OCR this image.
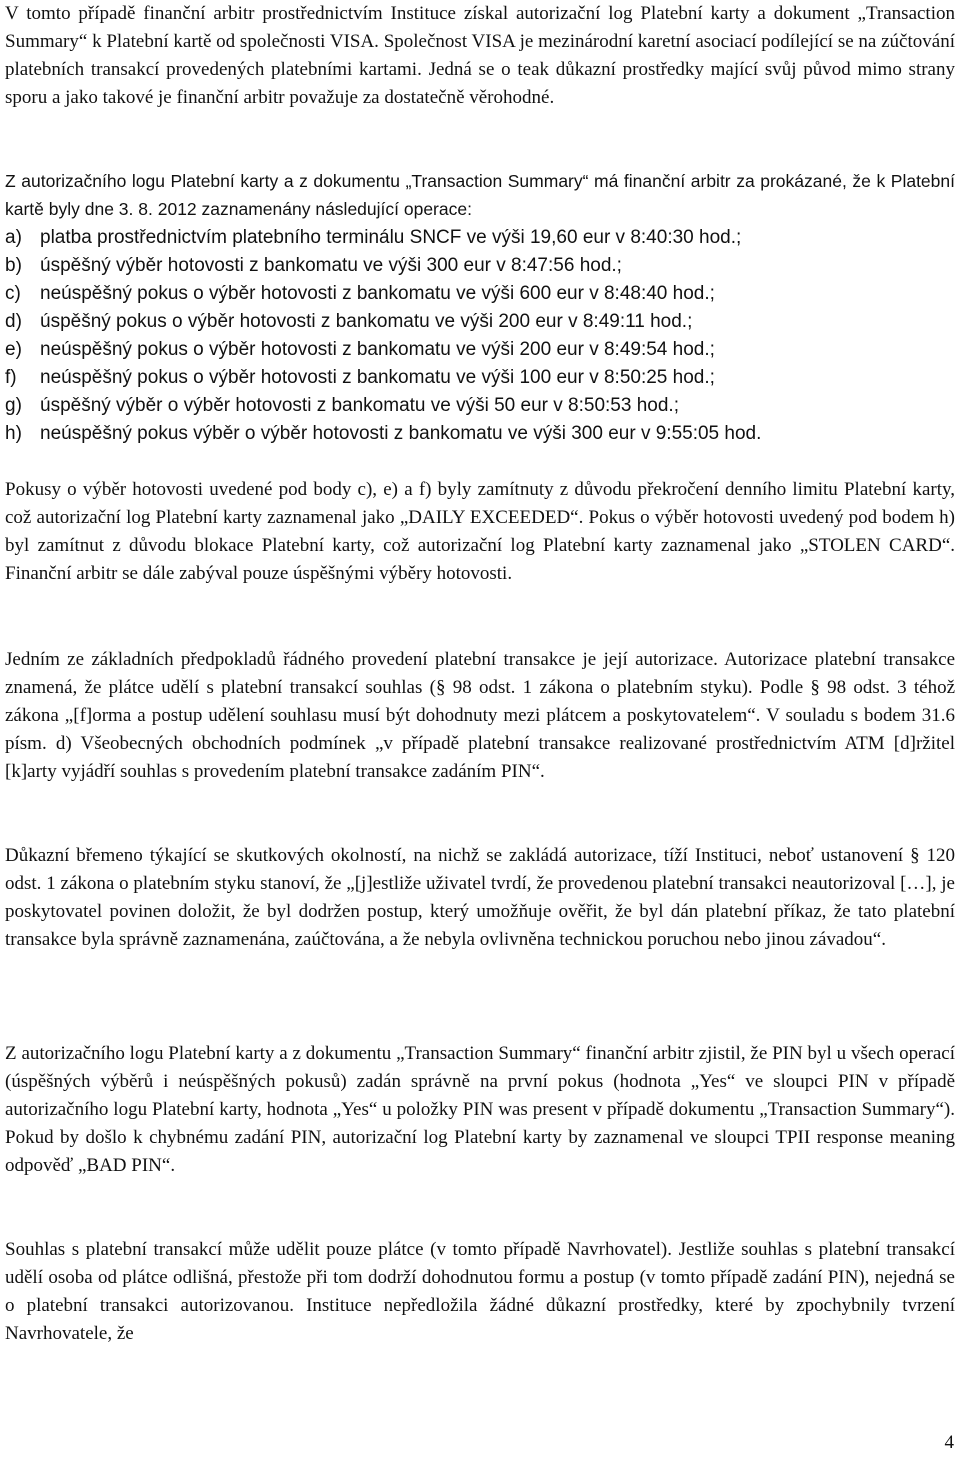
V tomto případě finanční arbitr prostřednictvím Instituce získal autorizační log Platební karty a dokument „Transaction Summary“ k Platební kartě od společnosti VISA. Společnost VISA je mezinárodní karetní asociací podílející se na zúčtování platebních transakcí provedených platebními kartami. Jedná se o teak důkazní prostředky mající svůj původ mimo strany sporu a jako takové je finanční arbitr považuje za dostatečně věrohodné.

Z autorizačního logu Platební karty a z dokumentu „Transaction Summary“ má finanční arbitr za prokázané, že k Platební kartě byly dne 3. 8. 2012 zaznamenány následující operace:

a) platba prostřednictvím platebního terminálu SNCF ve výši 19,60 eur v 8:40:30 hod.;
b) úspěšný výběr hotovosti z bankomatu ve výši 300 eur v 8:47:56 hod.;
c)	neúspěšný pokus o výběr hotovosti z bankomatu ve výši 600 eur v 8:48:40 hod.;
d) úspěšný pokus o výběr hotovosti z bankomatu ve výši 200 eur v 8:49:11 hod.;
e) neúspěšný pokus o výběr hotovosti z bankomatu ve výši 200 eur v 8:49:54 hod.;
f)	neúspěšný pokus o výběr hotovosti z bankomatu ve výši 100 eur v 8:50:25 hod.;
g) úspěšný výběr o výběr hotovosti z bankomatu ve výši 50 eur v 8:50:53 hod.;
h) neúspěšný pokus výběr o výběr hotovosti z bankomatu ve výši 300 eur v 9:55:05 hod.

Pokusy o výběr hotovosti uvedené pod body c), e) a f) byly zamítnuty z důvodu překročení denního limitu Platební karty, což autorizační log Platební karty zaznamenal jako „DAILY EXCEEDED“. Pokus o výběr hotovosti uvedený pod bodem h) byl zamítnut z důvodu blokace Platební karty, což autorizační log Platební karty zaznamenal jako „STOLEN CARD“. Finanční arbitr se dále zabýval pouze úspěšnými výběry hotovosti.

Jedním ze základních předpokladů řádného provedení platební transakce je její autorizace. Autorizace platební transakce znamená, že plátce udělí s platební transakcí souhlas (§ 98 odst. 1 zákona o platebním styku). Podle § 98 odst. 3 téhož zákona „[f]orma a postup udělení souhlasu musí být dohodnuty mezi plátcem a poskytovatelem“. V souladu s bodem 31.6 písm. d) Všeobecných obchodních podmínek „v případě platební transakce realizované prostřednictvím ATM [d]ržitel [k]arty vyjádří souhlas s provedením platební transakce zadáním PIN“.

Důkazní břemeno týkající se skutkových okolností, na nichž se zakládá autorizace, tíží Instituci, neboť ustanovení § 120 odst. 1 zákona o platebním styku stanoví, že „[j]estliže uživatel tvrdí, že provedenou platební transakci neautorizoval […], je poskytovatel povinen doložit, že byl dodržen postup, který umožňuje ověřit, že byl dán platební příkaz, že tato platební transakce byla správně zaznamenána, zaúčtována, a že nebyla ovlivněna technickou poruchou nebo jinou závadou“.

Z autorizačního logu Platební karty a z dokumentu „Transaction Summary“ finanční arbitr zjistil, že PIN byl u všech operací (úspěšných výběrů i neúspěšných pokusů) zadán správně na první pokus (hodnota „Yes“ ve sloupci PIN v případě autorizačního logu Platební karty, hodnota „Yes“ u položky PIN was present v případě dokumentu „Transaction Summary“). Pokud by došlo k chybnému zadání PIN, autorizační log Platební karty by zaznamenal ve sloupci TPII response meaning odpověď „BAD PIN“.

Souhlas s platební transakcí může udělit pouze plátce (v tomto případě Navrhovatel). Jestliže souhlas s platební transakcí udělí osoba od plátce odlišná, přestože při tom dodrží dohodnutou formu a postup (v tomto případě zadání PIN), nejedná se o platební transakci autorizovanou. Instituce nepředložila žádné důkazní prostředky, které by zpochybnily tvrzení Navrhovatele, že

4
